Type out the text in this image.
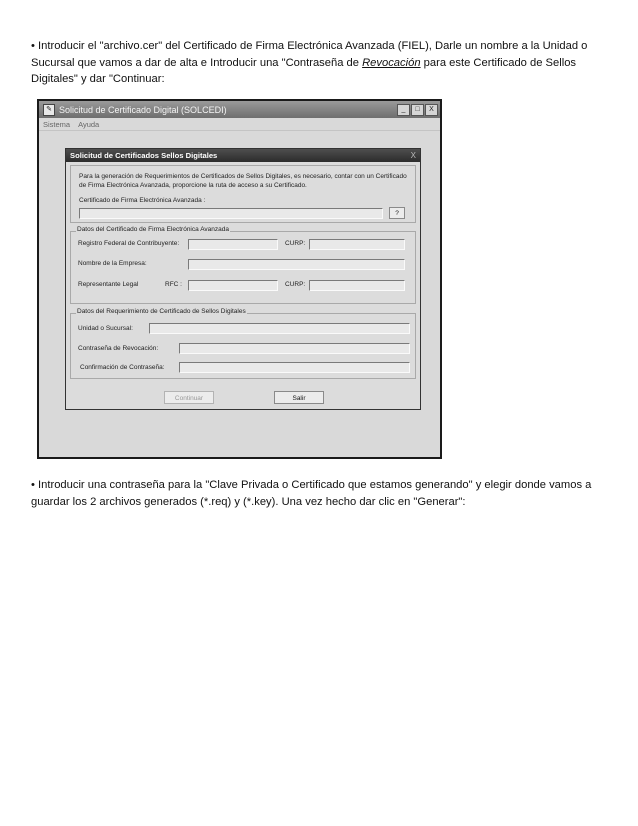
• Introducir el "archivo.cer" del Certificado de Firma Electrónica Avanzada (FIEL), Darle un nombre a la Unidad o Sucursal que vamos a dar de alta e Introducir una "Contraseña de Revocación para este Certificado de Sellos Digitales" y dar "Continuar:
✎ Solicitud de Certificado Digital (SOLCEDI)	_	□	X
Sistema Ayuda
Solicitud de Certificados Sellos Digitales	X
Para la generación de Requerimientos de Certificados de Sellos Digitales, es necesario, contar con un Certificado de Firma Electrónica Avanzada, proporcione la ruta de acceso a su Certificado.
Certificado de Firma Electrónica Avanzada :
?
Datos del Certificado de Firma Electrónica Avanzada
Registro Federal de Contribuyente:	CURP:
Nombre de la Empresa:
Representante Legal	RFC :	CURP:
Datos del Requerimiento de Certificado de Sellos Digitales
Unidad o Sucursal:
Contraseña de Revocación:
Confirmación de Contraseña:
Continuar	Salir
• Introducir una contraseña para la "Clave Privada o Certificado que estamos generando" y elegir donde vamos a guardar los 2 archivos generados (*.req) y (*.key). Una vez hecho dar clic en "Generar":
